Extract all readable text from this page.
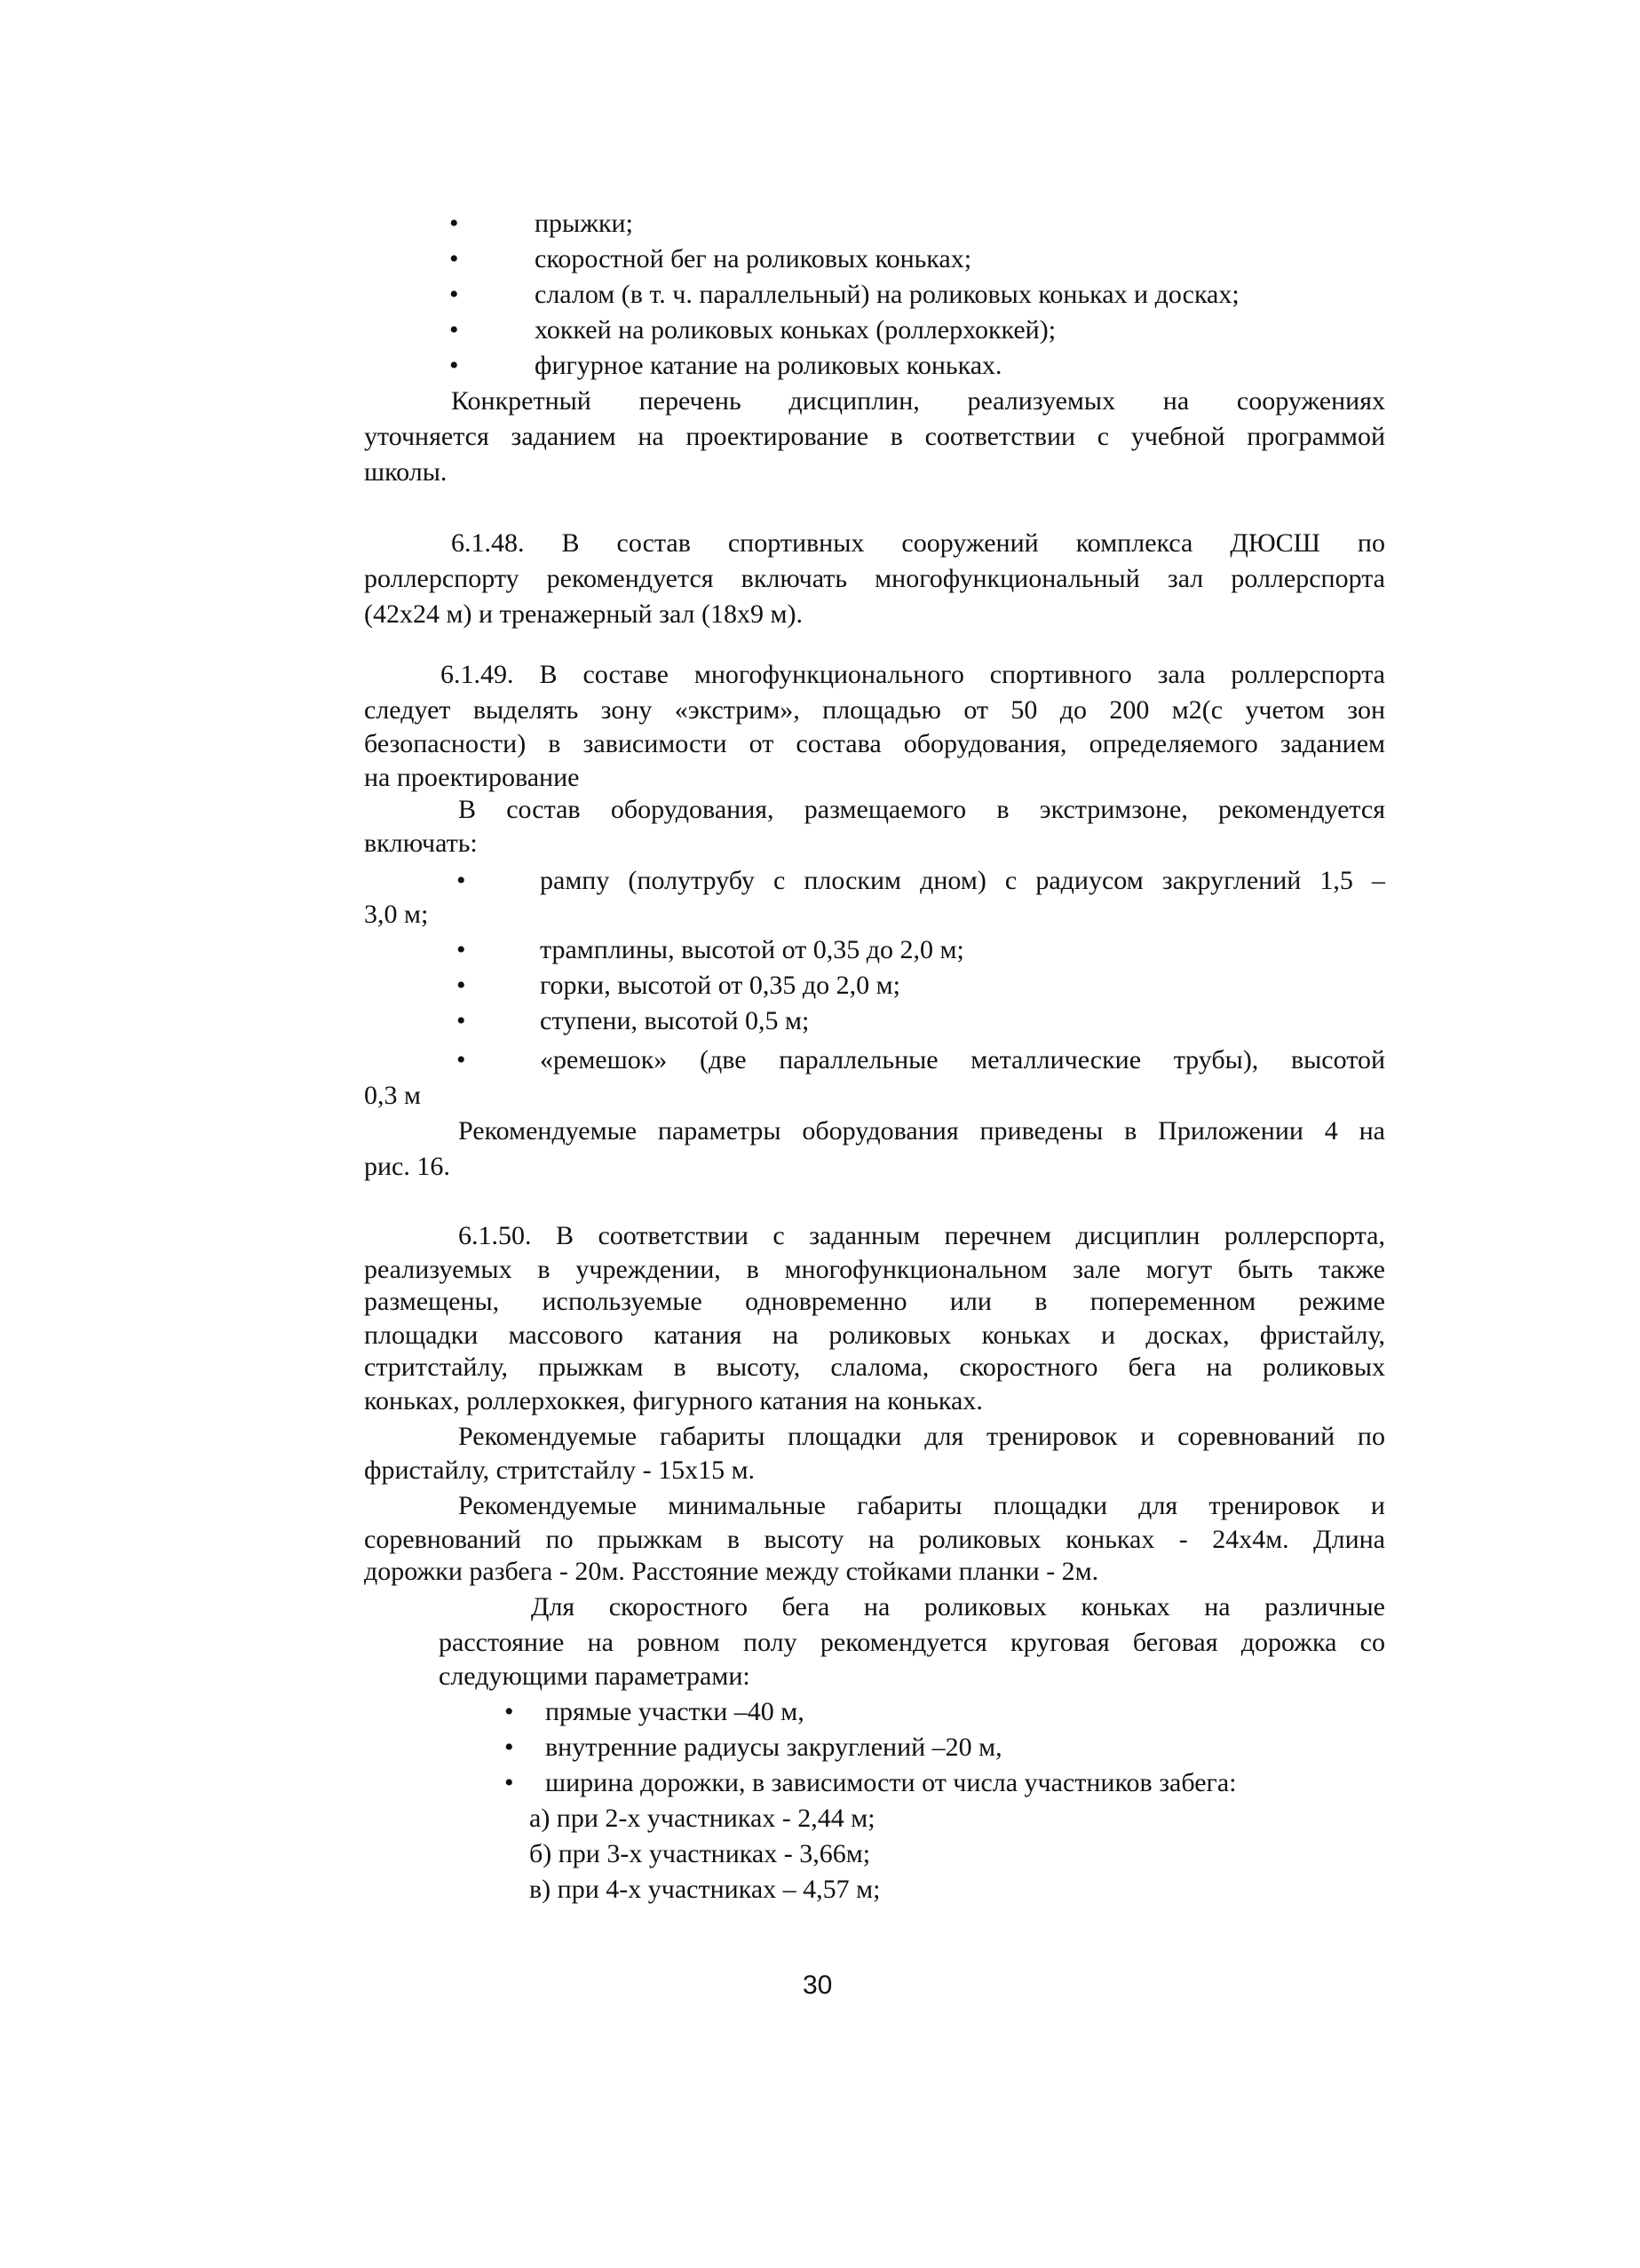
•	прыжки;
•	скоростной бег на роликовых коньках;
•	слалом (в т. ч. параллельный) на роликовых коньках и досках;
•	хоккей на роликовых коньках (роллерхоккей);
•	фигурное катание на роликовых коньках.
Конкретный перечень дисциплин, реализуемых на сооружениях
уточняется заданием на проектирование в соответствии с учебной программой
школы.
6.1.48. В состав спортивных сооружений комплекса ДЮСШ по
роллерспорту рекомендуется включать многофункциональный зал роллерспорта
(42х24 м) и тренажерный зал (18х9 м).
6.1.49. В составе многофункционального спортивного зала роллерспорта
следует выделять зону «экстрим», площадью от 50 до 200 м2(с учетом зон
безопасности) в зависимости от состава оборудования, определяемого заданием
на проектирование
В состав оборудования, размещаемого в экстримзоне, рекомендуется
включать:
•	рампу (полутрубу с плоским дном) с радиусом закруглений 1,5 –
3,0 м;
•	трамплины, высотой от 0,35 до 2,0 м;
•	горки, высотой от 0,35 до 2,0 м;
•	ступени, высотой 0,5 м;
•	«ремешок» (две параллельные металлические трубы), высотой
0,3 м
Рекомендуемые параметры оборудования приведены в Приложении 4 на
рис. 16.
6.1.50. В соответствии с заданным перечнем дисциплин роллерспорта,
реализуемых в учреждении, в многофункциональном зале могут быть также
размещены, используемые одновременно или в попеременном режиме
площадки массового катания на роликовых коньках и досках, фристайлу,
стритстайлу, прыжкам в высоту, слалома, скоростного бега на роликовых
коньках, роллерхоккея, фигурного катания на коньках.
Рекомендуемые габариты площадки для тренировок и соревнований по
фристайлу, стритстайлу - 15х15 м.
Рекомендуемые минимальные габариты площадки для тренировок и
соревнований по прыжкам в высоту на роликовых коньках - 24х4м. Длина
дорожки разбега - 20м. Расстояние между стойками планки - 2м.
Для скоростного бега на роликовых коньках на различные
расстояние на ровном полу рекомендуется круговая беговая дорожка со
следующими параметрами:
• прямые участки –40 м,
• внутренние радиусы закруглений –20 м,
• ширина дорожки, в зависимости от числа участников забега:
а) при 2-х участниках - 2,44 м;
б) при 3-х участниках - 3,66м;
в) при 4-х участниках – 4,57 м;
30
